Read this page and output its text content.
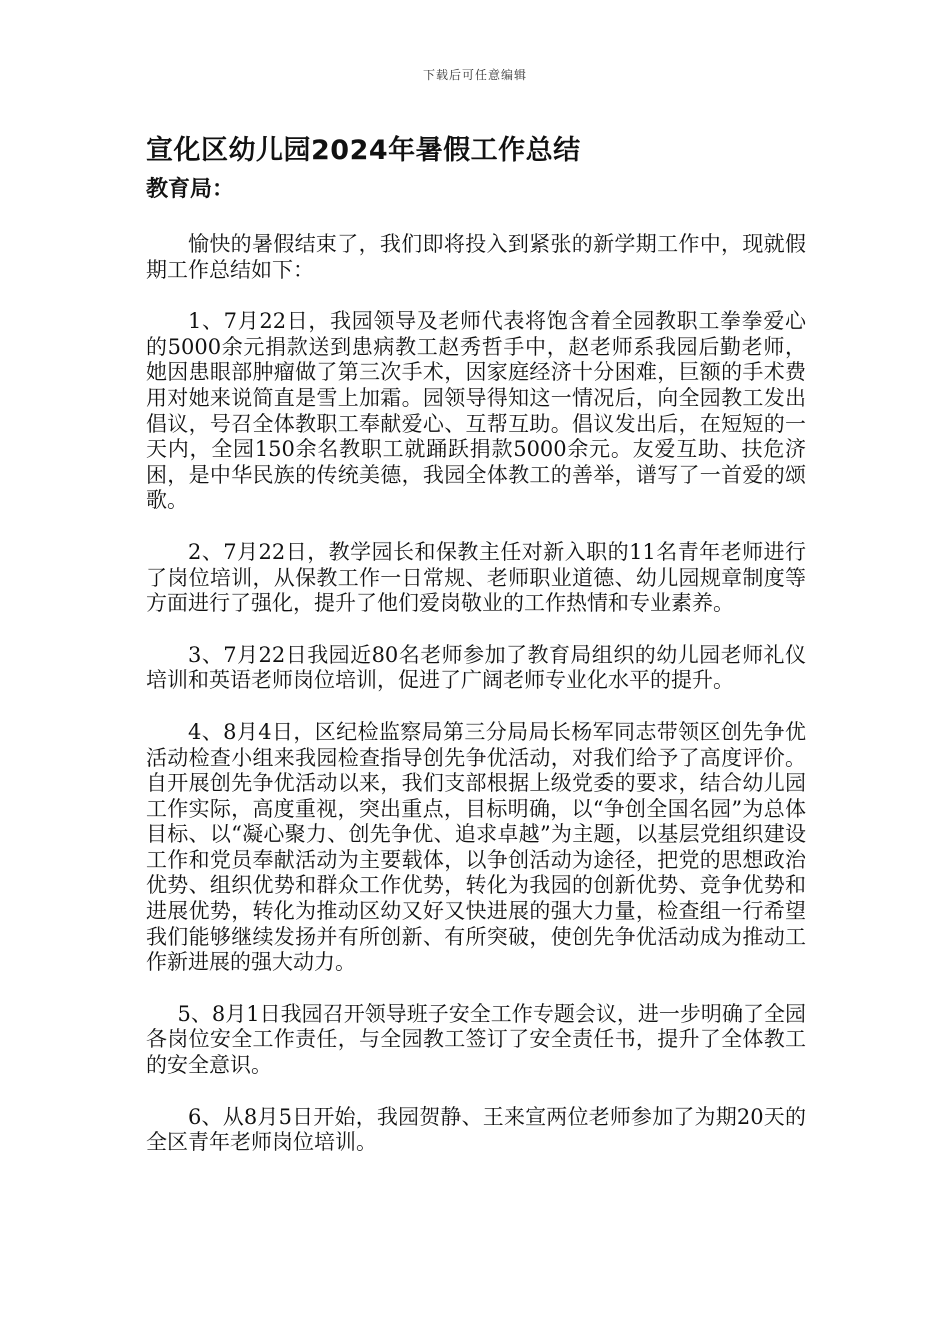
下载后可任意编辑
宣化区幼儿园2024年暑假工作总结

教育局：

愉快的暑假结束了，我们即将投入到紧张的新学期工作中，现就假期工作总结如下：

1、7月22日，我园领导及老师代表将饱含着全园教职工拳拳爱心的5000余元捐款送到患病教工赵秀哲手中，赵老师系我园后勤老师，她因患眼部肿瘤做了第三次手术，因家庭经济十分困难，巨额的手术费用对她来说简直是雪上加霜。园领导得知这一情况后，向全园教工发出倡议，号召全体教职工奉献爱心、互帮互助。倡议发出后，在短短的一天内，全园150余名教职工就踊跃捐款5000余元。友爱互助、扶危济困，是中华民族的传统美德，我园全体教工的善举，谱写了一首爱的颂歌。

2、7月22日，教学园长和保教主任对新入职的11名青年老师进行了岗位培训，从保教工作一日常规、老师职业道德、幼儿园规章制度等方面进行了强化，提升了他们爱岗敬业的工作热情和专业素养。

3、7月22日我园近80名老师参加了教育局组织的幼儿园老师礼仪培训和英语老师岗位培训，促进了广阔老师专业化水平的提升。

4、8月4日，区纪检监察局第三分局局长杨军同志带领区创先争优活动检查小组来我园检查指导创先争优活动，对我们给予了高度评价。自开展创先争优活动以来，我们支部根据上级党委的要求，结合幼儿园工作实际，高度重视，突出重点，目标明确，以“争创全国名园”为总体目标、以“凝心聚力、创先争优、追求卓越”为主题，以基层党组织建设工作和党员奉献活动为主要载体，以争创活动为途径，把党的思想政治优势、组织优势和群众工作优势，转化为我园的创新优势、竞争优势和进展优势，转化为推动区幼又好又快进展的强大力量，检查组一行希望我们能够继续发扬并有所创新、有所突破，使创先争优活动成为推动工作新进展的强大动力。

5、8月1日我园召开领导班子安全工作专题会议，进一步明确了全园各岗位安全工作责任，与全园教工签订了安全责任书，提升了全体教工的安全意识。

6、从8月5日开始，我园贺静、王来宣两位老师参加了为期20天的全区青年老师岗位培训。
